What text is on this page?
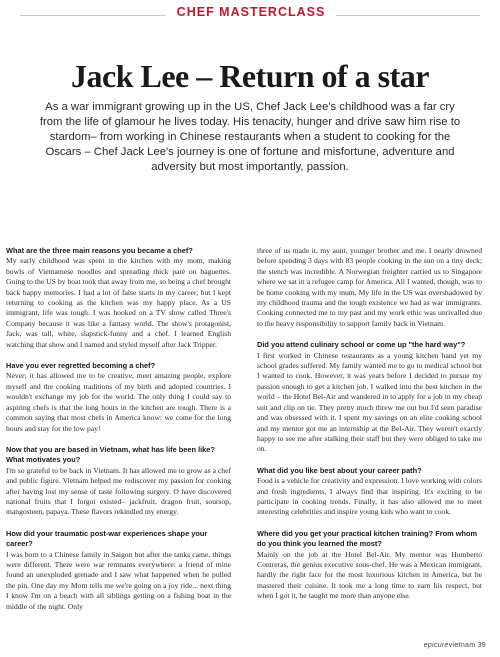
CHEF MASTERCLASS
Jack Lee – Return of a star

As a war immigrant growing up in the US, Chef Jack Lee's childhood was a far cry from the life of glamour he lives today. His tenacity, hunger and drive saw him rise to stardom– from working in Chinese restaurants when a student to cooking for the Oscars – Chef Jack Lee's journey is one of fortune and misfortune, adventure and adversity but most importantly, passion.

What are the three main reasons you became a chef?

My early childhood was spent in the kitchen with my mom, making bowls of Vietnamese noodles and spreading thick paté on baguettes. Going to the US by boat took that away from me, so being a chef brought back happy memories. I had a lot of false starts in my career, but I kept returning to cooking as the kitchen was my happy place. As a US immigrant, life was tough. I was hooked on a TV show called Three's Company because it was like a fantasy world. The show's protagonist, Jack, was tall, white, slapstick-funny and a chef. I learned English watching that show and I named and styled myself after Jack Tripper.

Have you ever regretted becoming a chef?

Never; it has allowed me to be creative, meet amazing people, explore myself and the cooking traditions of my birth and adopted countries. I wouldn't exchange my job for the world. The only thing I could say to aspiring chefs is that the long hours in the kitchen are tough. There is a common saying that most chefs in America know: we come for the long hours and stay for the low pay!

Now that you are based in Vietnam, what has life been like? What motivates you?

I'm so grateful to be back in Vietnam. It has allowed me to grow as a chef and public figure. Vietnam helped me rediscover my passion for cooking after having lost my sense of taste following surgery. O have discovered national fruits that I forgot existed– jackfruit, dragon fruit, soursop, mangosteen, papaya. These flavors rekindled my energy.

How did your traumatic post-war experiences shape your career?

I was born to a Chinese family in Saigon but after the tanks came, things were different. There were war remnants everywhere: a friend of mine found an unexploded grenade and I saw what happened when he pulled the pin. One day my Mom tells me we're going on a joy ride... next thing I know I'm on a beach with all siblings getting on a fishing boat in the middle of the night. Only

three of us made it, my aunt, younger brother and me. I nearly drowned before spending 3 days with 83 people cooking in the sun on a tiny deck; the stench was incredible. A Norwegian freighter carried us to Singapore where we sat in a refugee camp for America. All I wanted, though, was to be home cooking with my mum. My life in the US was overshadowed by my childhood trauma and the tough existence we had as war immigrants. Cooking connected me to my past and my work ethic was unrivalled due to the heavy responsibility to support family back in Vietnam.

Did you attend culinary school or come up "the hard way"?

I first worked in Chinese restaurants as a young kitchen hand yet my school grades suffered. My family wanted me to go to medical school but I wanted to cook. However, it was years before I decided to pursue my passion enough to get a kitchen job. I walked into the best kitchen in the world – the Hotel Bel-Air and wandered in to apply for a job in my cheap suit and clip on tie. They pretty much threw me out but I'd seen paradise and was obsessed with it. I spent my savings on an elite cooking school and my mentor got me an internship at the Bel-Air. They weren't exactly happy to see me after stalking their staff but they were obliged to take me on.

What did you like best about your career path?

Food is a vehicle for creativity and expression. I love working with colors and fresh ingredients, I always find that inspiring. It's exciting to be participate in cooking trends. Finally, it has also allowed me to meet interesting celebrities and inspire young kids who want to cook.

Where did you get your practical kitchen training? From whom do you think you learned the most?

Mainly on the job at the Hotel Bel-Air. My mentor was Humberto Contreras, the genius executive sous-chef. He was a Mexican immigrant, hardly the right face for the most luxurious kitchen in America, but he mastered their cuisine. It took me a long time to earn his respect, but when I got it, he taught me more than anyone else.

epicurevietnam 39
